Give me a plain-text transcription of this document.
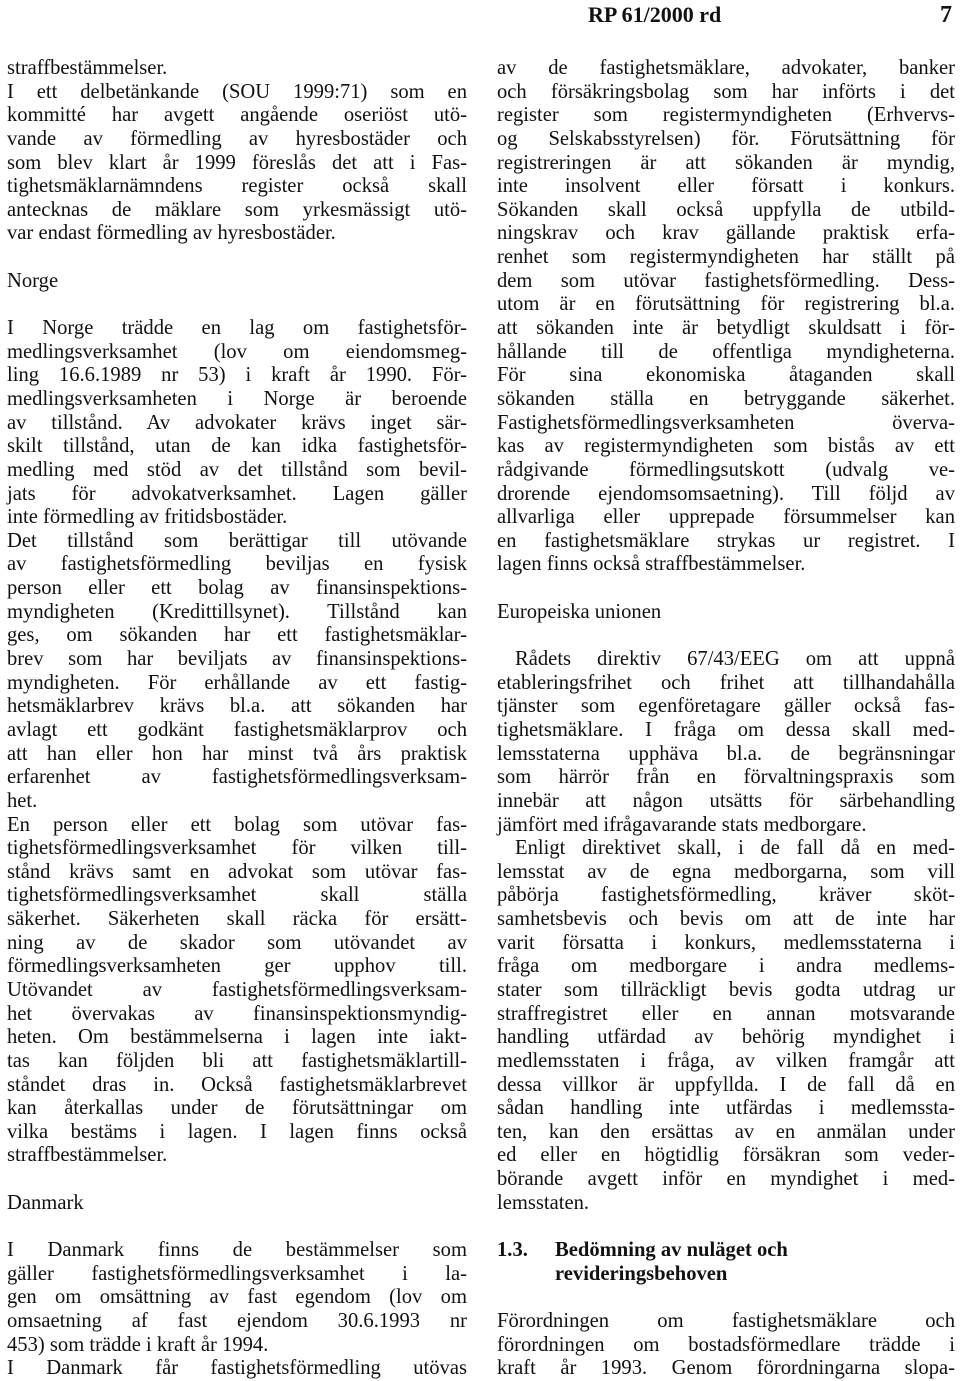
RP 61/2000 rd	7
straffbestämmelser.
I ett delbetänkande (SOU 1999:71) som en
kommitté har avgett angående oseriöst utö-
vande av förmedling av hyresbostäder och
som blev klart år 1999 föreslås det att i Fas-
tighetsmäklarnämndens register också skall
antecknas de mäklare som yrkesmässigt utö-
var endast förmedling av hyresbostäder.
Norge
I Norge trädde en lag om fastighetsför-
medlingsverksamhet (lov om eiendomsmeg-
ling 16.6.1989 nr 53) i kraft år 1990. För-
medlingsverksamheten i Norge är beroende
av tillstånd. Av advokater krävs inget sär-
skilt tillstånd, utan de kan idka fastighetsför-
medling med stöd av det tillstånd som bevil-
jats för advokatverksamhet. Lagen gäller
inte förmedling av fritidsbostäder.
Det tillstånd som berättigar till utövande
av fastighetsförmedling beviljas en fysisk
person eller ett bolag av finansinspektions-
myndigheten (Kredittillsynet). Tillstånd kan
ges, om sökanden har ett fastighetsmäklar-
brev som har beviljats av finansinspektions-
myndigheten. För erhållande av ett fastig-
hetsmäklarbrev krävs bl.a. att sökanden har
avlagt ett godkänt fastighetsmäklarprov och
att han eller hon har minst två års praktisk
erfarenhet av fastighetsförmedlingsverksam-
het.
En person eller ett bolag som utövar fas-
tighetsförmedlingsverksamhet för vilken till-
stånd krävs samt en advokat som utövar fas-
tighetsförmedlingsverksamhet skall ställa
säkerhet. Säkerheten skall räcka för ersätt-
ning av de skador som utövandet av
förmedlingsverksamheten ger upphov till.
Utövandet av fastighetsförmedlingsverksam-
het övervakas av finansinspektionsmyndig-
heten. Om bestämmelserna i lagen inte iakt-
tas kan följden bli att fastighetsmäklartill-
ståndet dras in. Också fastighetsmäklarbrevet
kan återkallas under de förutsättningar om
vilka bestäms i lagen. I lagen finns också
straffbestämmelser.
Danmark
I Danmark finns de bestämmelser som
gäller fastighetsförmedlingsverksamhet i la-
gen om omsättning av fast egendom (lov om
omsaetning af fast ejendom 30.6.1993 nr
453) som trädde i kraft år 1994.
I Danmark får fastighetsförmedling utövas
av de fastighetsmäklare, advokater, banker
och försäkringsbolag som har införts i det
register som registermyndigheten (Erhvervs-
og Selskabsstyrelsen) för. Förutsättning för
registreringen är att sökanden är myndig,
inte insolvent eller försatt i konkurs.
Sökanden skall också uppfylla de utbild-
ningskrav och krav gällande praktisk erfa-
renhet som registermyndigheten har ställt på
dem som utövar fastighetsförmedling. Dess-
utom är en förutsättning för registrering bl.a.
att sökanden inte är betydligt skuldsatt i för-
hållande till de offentliga myndigheterna.
För sina ekonomiska åtaganden skall
sökanden ställa en betryggande säkerhet.
Fastighetsförmedlingsverksamheten överva-
kas av registermyndigheten som bistås av ett
rådgivande förmedlingsutskott (udvalg ve-
drorende ejendomsomsaetning). Till följd av
allvarliga eller upprepade försummelser kan
en fastighetsmäklare strykas ur registret. I
lagen finns också straffbestämmelser.
Europeiska unionen
Rådets direktiv 67/43/EEG om att uppnå
etableringsfrihet och frihet att tillhandahålla
tjänster som egenföretagare gäller också fas-
tighetsmäklare. I fråga om dessa skall med-
lemsstaterna upphäva bl.a. de begränsningar
som härrör från en förvaltningspraxis som
innebär att någon utsätts för särbehandling
jämfört med ifrågavarande stats medborgare.
Enligt direktivet skall, i de fall då en med-
lemsstat av de egna medborgarna, som vill
påbörja fastighetsförmedling, kräver sköt-
samhetsbevis och bevis om att de inte har
varit försatta i konkurs, medlemsstaterna i
fråga om medborgare i andra medlems-
stater som tillräckligt bevis godta utdrag ur
straffregistret eller en annan motsvarande
handling utfärdad av behörig myndighet i
medlemsstaten i fråga, av vilken framgår att
dessa villkor är uppfyllda. I de fall då en
sådan handling inte utfärdas i medlemssta-
ten, kan den ersättas av en anmälan under
ed eller en högtidlig försäkran som veder-
börande avgett inför en myndighet i med-
lemsstaten.
1.3. Bedömning av nuläget och
revideringsbehoven
Förordningen om fastighetsmäklare och
förordningen om bostadsförmedlare trädde i
kraft år 1993. Genom förordningarna slopa-
